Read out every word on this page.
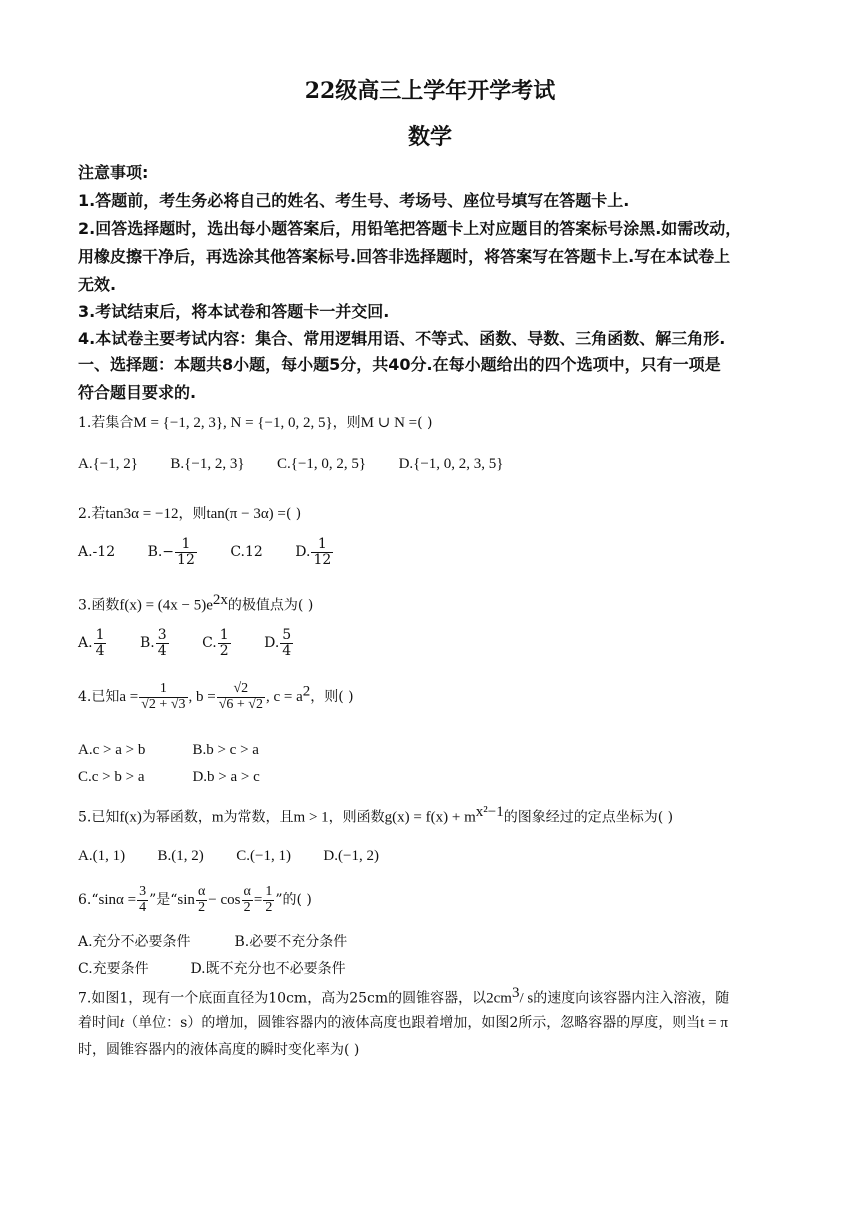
22级高三上学年开学考试
数学
注意事项:
1.答题前，考生务必将自己的姓名、考生号、考场号、座位号填写在答题卡上.
2.回答选择题时，选出每小题答案后，用铅笔把答题卡上对应题目的答案标号涂黑.如需改动，
用橡皮擦干净后，再选涂其他答案标号.回答非选择题时，将答案写在答题卡上.写在本试卷上
无效.
3.考试结束后，将本试卷和答题卡一并交回.
4.本试卷主要考试内容：集合、常用逻辑用语、不等式、函数、导数、三角函数、解三角形.
一、选择题：本题共8小题，每小题5分，共40分.在每小题给出的四个选项中，只有一项是
符合题目要求的.
1.若集合M = {−1, 2, 3}, N = {−1, 0, 2, 5}，则M ∪ N =( )
A.{−1, 2} B.{−1, 2, 3} C.{−1, 0, 2, 5} D.{−1, 0, 2, 3, 5}
2.若tan3α = −12，则tan(π − 3α) =( )
A.-12 $B.- \frac{1}{12} C.12$ D. $\frac{1}{12}$
3.函数$f(x) = (4x - 5)e^{2x}$的极值点为( )
A. $\frac{1}{4} B$. $\frac{3}{4} C$. $\frac{1}{2} D$. $\frac{5}{4}$
4.已知$a = \frac{1}{√2 + √3}$ , $b = \frac{√2}{√6 + √2}$ , $c = a^2$，则( )
A.c > a > b	B.b > c > a
C.c > b > a	D.b > a > c
5.已知f(x)为幂函数，m为常数，且m > 1，则函数$g(x) = f(x) + m^{x^2-1}$的图象经过的定点坐标为( )
A.(1, 1) B.(1, 2) C.(−1, 1) D.(−1, 2)
6.“sinα = $\frac{3}{4}$ ”是“$\sin \frac{\alpha}{2} - \cos \frac{\alpha}{2} = \frac{1}{2}$ ”的( )
A.充分不必要条件	B.必要不充分条件
C.充要条件	D.既不充分也不必要条件
7.如图1，现有一个底面直径为10cm，高为25cm的圆锥容器，以$2cm^3/$ s的速度向该容器内注入溶液，随
着时间t（单位：s）的增加，圆锥容器内的液体高度也跟着增加，如图2所示，忽略容器的厚度，则当t = π
时，圆锥容器内的液体高度的瞬时变化率为( )
